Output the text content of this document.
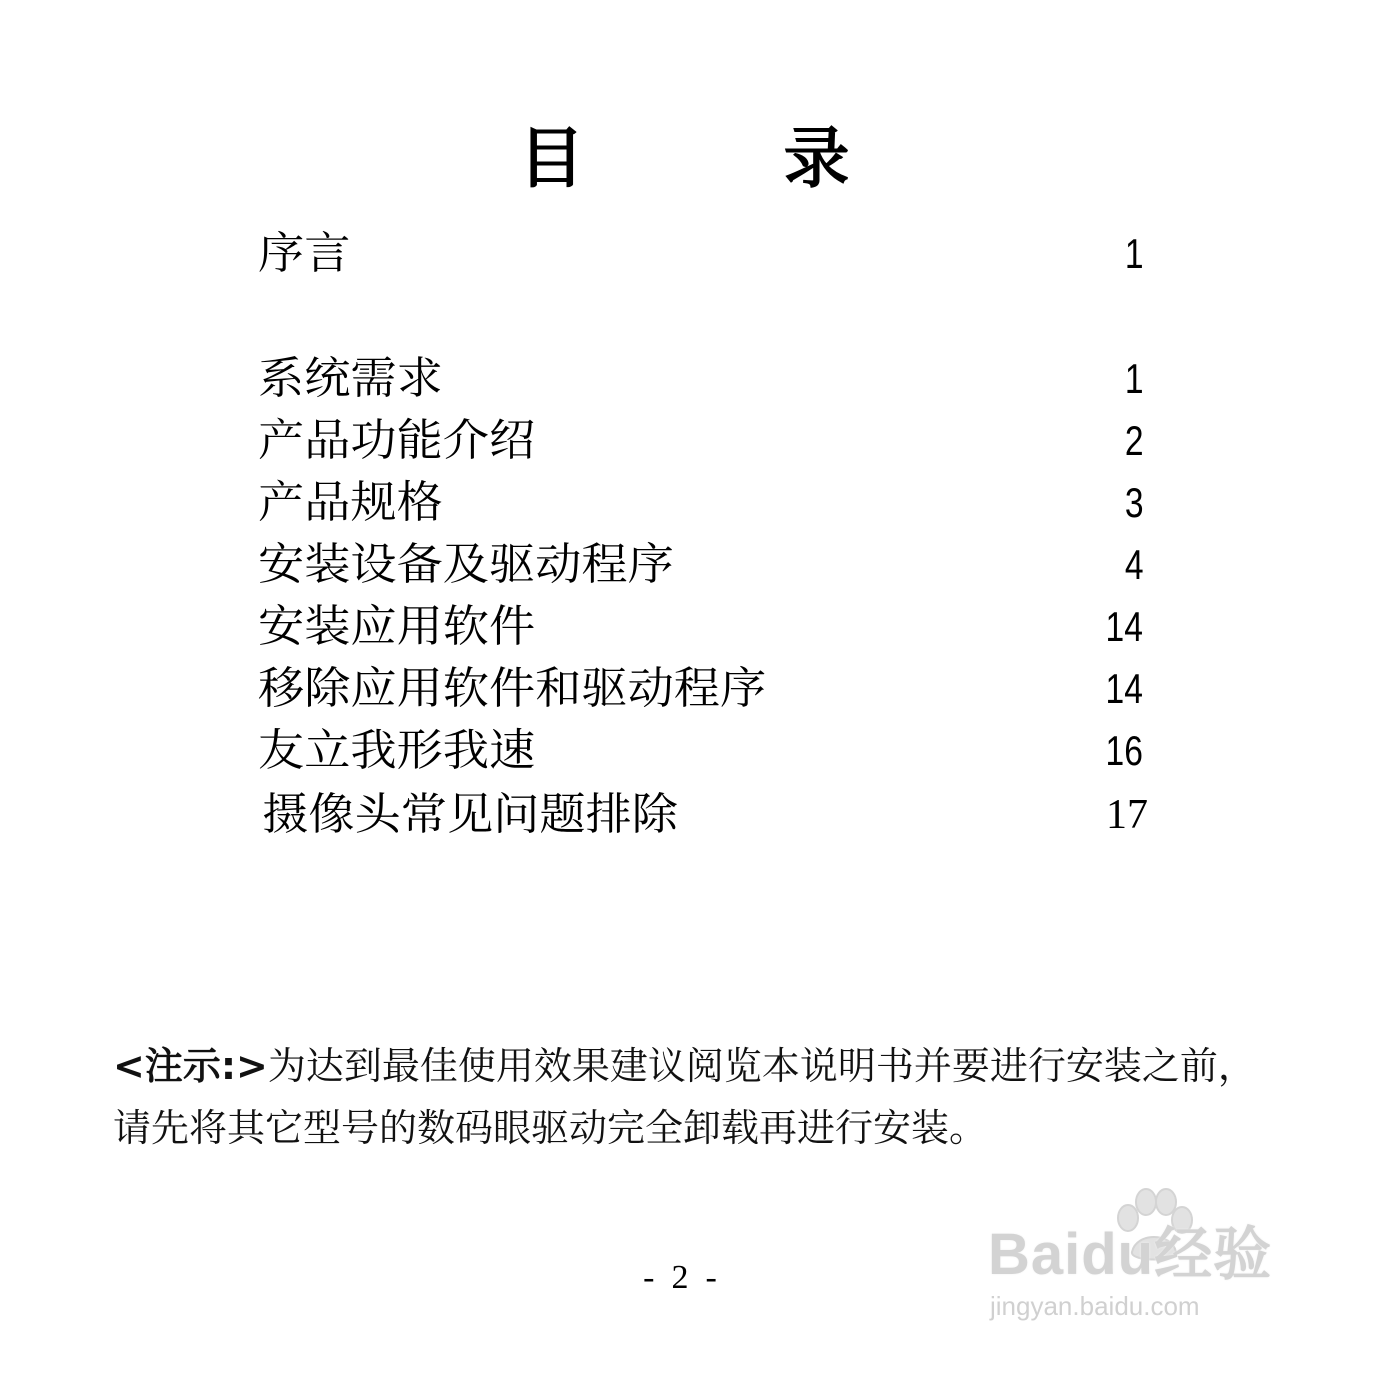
目 录
序言	1
系统需求	1
产品功能介绍	2
产品规格	3
安装设备及驱动程序	4
安装应用软件	14
移除应用软件和驱动程序	14
友立我形我速	16
摄像头常见问题排除	17

<注示:>为达到最佳使用效果建议阅览本说明书并要进行安装之前，请先将其它型号的数码眼驱动完全卸载再进行安装。

-  2  -	Baidu经验
jingyan.baidu.com
